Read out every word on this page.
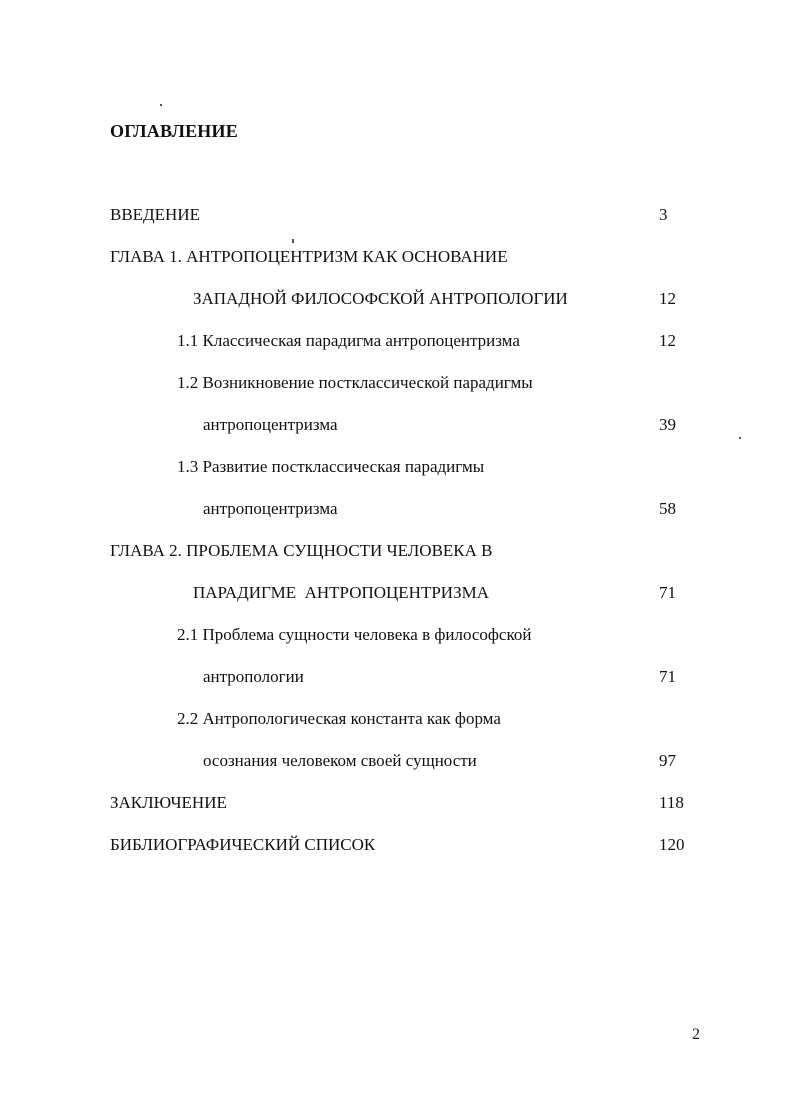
ОГЛАВЛЕНИЕ
ВВЕДЕНИЕ	3
ГЛАВА 1. АНТРОПОЦЕНТРИЗМ КАК ОСНОВАНИЕ
ЗАПАДНОЙ ФИЛОСОФСКОЙ АНТРОПОЛОГИИ	12
1.1 Классическая парадигма антропоцентризма	12
1.2 Возникновение постклассической парадигмы
антропоцентризма	39
1.3 Развитие постклассическая парадигмы
антропоцентризма	58
ГЛАВА 2. ПРОБЛЕМА СУЩНОСТИ ЧЕЛОВЕКА В
ПАРАДИГМЕ  АНТРОПОЦЕНТРИЗМА	71
2.1 Проблема сущности человека в философской
антропологии	71
2.2 Антропологическая константа как форма
осознания человеком своей сущности	97
ЗАКЛЮЧЕНИЕ	118
БИБЛИОГРАФИЧЕСКИЙ СПИСОК	120
2
